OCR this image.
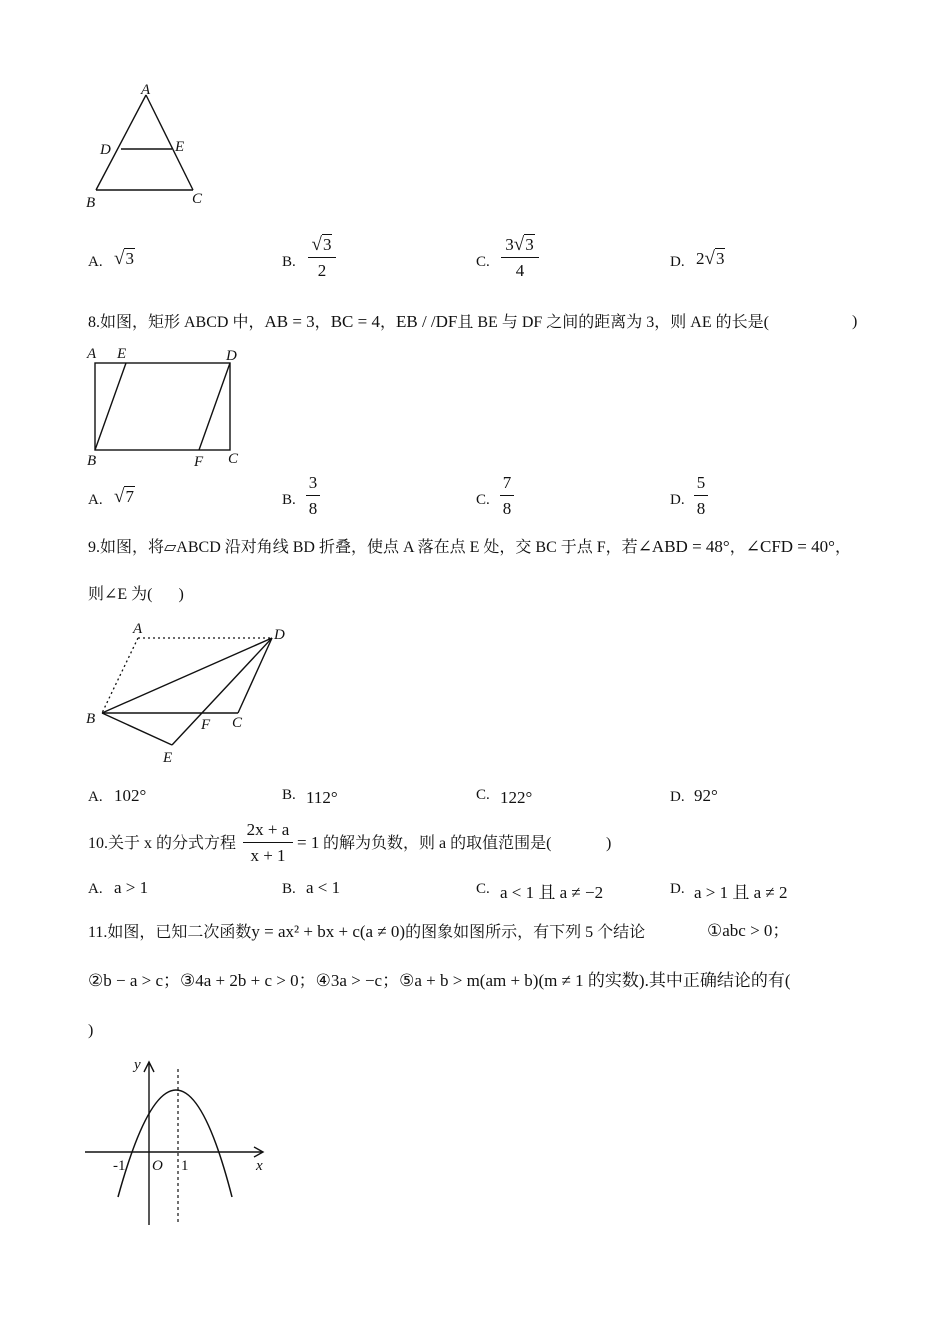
A
D	E
B	C
A. √3	B.
√3
2	C.
3√3
4	D. 2√3
8.如图，矩形 ABCD 中，AB = 3，BC = 4，EB / /DF且 BE 与 DF 之间的距离为 3，则 AE 的长是(	)
A E	D
B	F C
A. √7	B.
3
8	C.
7
8	D.
5
8
9.如图，将▱ABCD 沿对角线 BD 折叠，使点 A 落在点 E 处，交 BC 于点 F，若∠ABD = 48°，∠CFD = 40°，
则∠E 为( )
A	D
B	F C
E
A. 102°	B. 112°	C. 122°	D. 92°
10.关于 x 的分式方程
2x + a
x + 1
= 1 的解为负数，则 a 的取值范围是(	)
A. a > 1	B. a < 1	C. a < 1 且 a ≠ −2	D. a > 1 且 a ≠ 2
11.如图，已知二次函数y = ax² + bx + c(a ≠ 0)的图象如图所示，有下列 5 个结论	①abc > 0；
②b − a > c；③4a + 2b + c > 0；④3a > −c；⑤a + b > m(am + b)(m ≠ 1 的实数).其中正确结论的有(
)
y
x
-1 O 1
